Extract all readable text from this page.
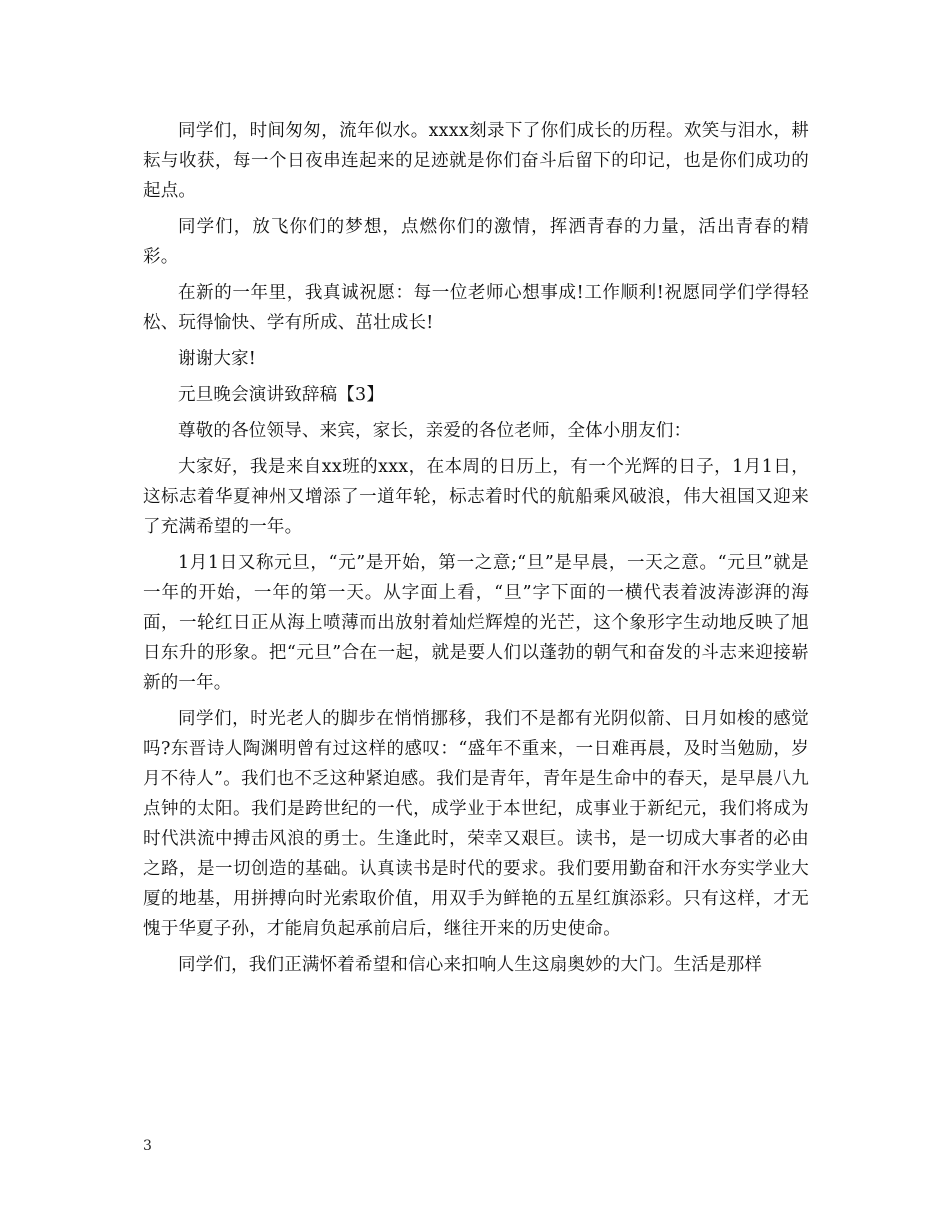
同学们，时间匆匆，流年似水。xxxx刻录下了你们成长的历程。欢笑与泪水，耕耘与收获，每一个日夜串连起来的足迹就是你们奋斗后留下的印记，也是你们成功的起点。

同学们，放飞你们的梦想，点燃你们的激情，挥洒青春的力量，活出青春的精彩。

在新的一年里，我真诚祝愿：每一位老师心想事成!工作顺利!祝愿同学们学得轻松、玩得愉快、学有所成、茁壮成长!

谢谢大家!

元旦晚会演讲致辞稿【3】

尊敬的各位领导、来宾，家长，亲爱的各位老师，全体小朋友们：

大家好，我是来自xx班的xxx，在本周的日历上，有一个光辉的日子，1月1日，这标志着华夏神州又增添了一道年轮，标志着时代的航船乘风破浪，伟大祖国又迎来了充满希望的一年。

1月1日又称元旦，“元”是开始，第一之意;“旦”是早晨，一天之意。“元旦”就是一年的开始，一年的第一天。从字面上看，“旦”字下面的一横代表着波涛澎湃的海面，一轮红日正从海上喷薄而出放射着灿烂辉煌的光芒，这个象形字生动地反映了旭日东升的形象。把“元旦”合在一起，就是要人们以蓬勃的朝气和奋发的斗志来迎接崭新的一年。

同学们，时光老人的脚步在悄悄挪移，我们不是都有光阴似箭、日月如梭的感觉吗?东晋诗人陶渊明曾有过这样的感叹：“盛年不重来，一日难再晨，及时当勉励，岁月不待人”。我们也不乏这种紧迫感。我们是青年，青年是生命中的春天，是早晨八九点钟的太阳。我们是跨世纪的一代，成学业于本世纪，成事业于新纪元，我们将成为时代洪流中搏击风浪的勇士。生逢此时，荣幸又艰巨。读书，是一切成大事者的必由之路，是一切创造的基础。认真读书是时代的要求。我们要用勤奋和汗水夯实学业大厦的地基，用拼搏向时光索取价值，用双手为鲜艳的五星红旗添彩。只有这样，才无愧于华夏子孙，才能肩负起承前启后，继往开来的历史使命。

同学们，我们正满怀着希望和信心来扣响人生这扇奥妙的大门。生活是那样

3
